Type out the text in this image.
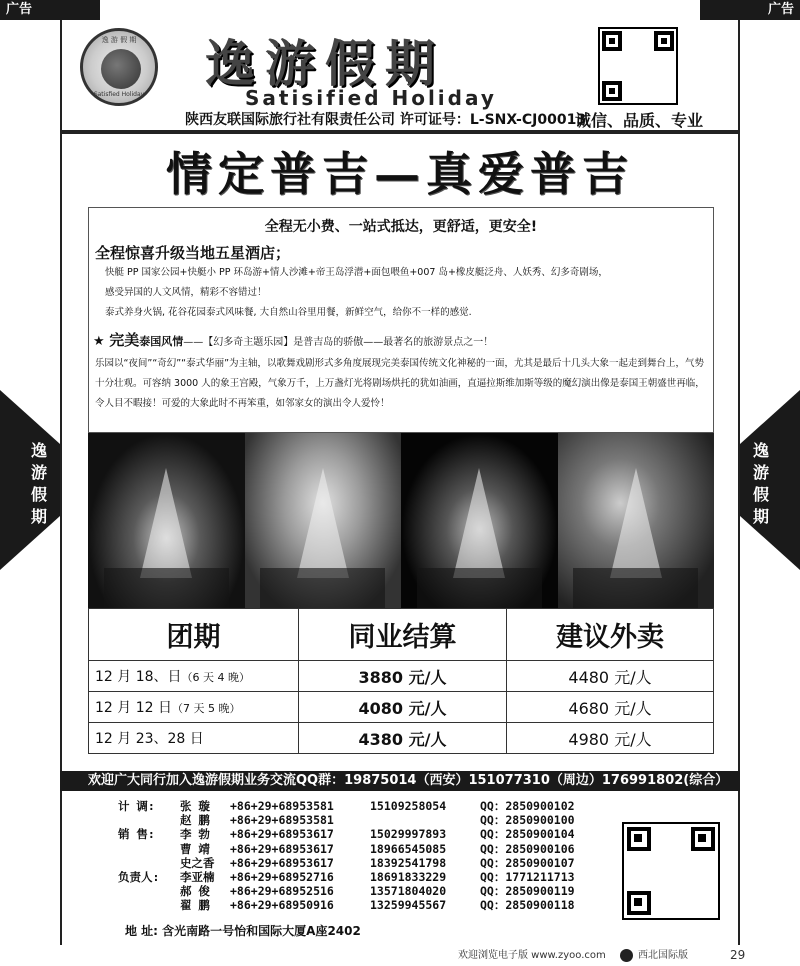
广告	广告
逸 游 假 期
Satisfied Holiday
逸游假期
Satisified Holiday
陕西友联国际旅行社有限责任公司 许可证号：L-SNX-CJ00013
诚信、品质、专业
情定普吉—真爱普吉
全程无小费、一站式抵达，更舒适，更安全!
全程惊喜升级当地五星酒店；
快艇 PP 国家公园+快艇小 PP 环岛游+情人沙滩+帝王岛浮潜+面包喂鱼+007 岛+橡皮艇泛舟、人妖秀、幻多奇剧场，
感受异国的人文风情，精彩不容错过！
泰式养身火锅, 花谷花园泰式风味餐, 大自然山谷里用餐，新鲜空气，给你不一样的感觉.
★ 完美泰国风情——【幻多奇主题乐园】是普吉岛的骄傲——最著名的旅游景点之一！
乐园以“夜间”“奇幻”“泰式华丽”为主轴，以歌舞戏剧形式多角度展现完美泰国传统文化神秘的一面，尤其是最后十几头大象一起走到舞台上，气势十分壮观。可容纳 3000 人的象王宫殿，气象万千，上万盏灯光将剧场烘托的犹如油画，直逼拉斯维加斯等级的魔幻演出像是泰国王朝盛世再临，令人目不暇接！可爱的大象此时不再笨重，如邻家女的演出令人爱怜！
逸
游
假
期
逸
游
假
期
团期	同业结算	建议外卖
12 月 18、日（6 天 4 晚）	3880 元/人	4480 元/人
12 月 12 日（7 天 5 晚）	4080 元/人	4680 元/人
12 月 23、28 日	4380 元/人	4980 元/人
欢迎广大同行加入逸游假期业务交流QQ群：19875014（西安）151077310（周边）176991802(综合）
计 调:	张 璇 +86+29+68953581	15109258054	QQ：2850900102
赵 鹏 +86+29+68953581	QQ：2850900100
销 售:	李 勃 +86+29+68953617	15029997893	QQ：2850900104
曹 靖 +86+29+68953617	18966545085	QQ：2850900106
史之香 +86+29+68953617	18392541798	QQ：2850900107
负责人:	李亚楠 +86+29+68952716	18691833229	QQ：1771211713
郝 俊 +86+29+68952516	13571804020	QQ：2850900119
翟 鹏 +86+29+68950916	13259945567	QQ：2850900118
地 址: 含光南路一号怡和国际大厦A座2402
欢迎浏览电子版 www.zyoo.com	西北国际版	29
